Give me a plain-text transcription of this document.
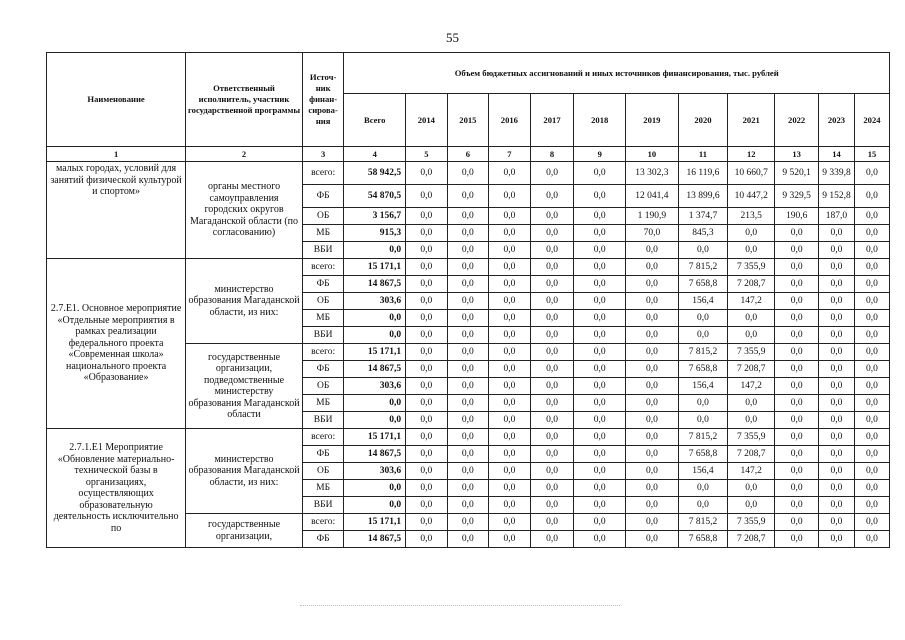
55
Наименование	Ответственный исполнитель, участник государственной программы	Источ-ник финан-сирова-ния	Объем бюджетных ассигнований и иных источников финансирования, тыс. рублей											
			Всего	2014	2015	2016	2017	2018	2019	2020	2021	2022	2023	2024
1	2	3	4	5	6	7	8	9	10	11	12	13	14	15
малых городах, условий для занятий физической культурой и спортом»	органы местного самоуправления городских округов Магаданской области (по согласованию)	всего:	58 942,5	0,0	0,0	0,0	0,0	0,0	13 302,3	16 119,6	10 660,7	9 520,1	9 339,8	0,0
		ФБ	54 870,5	0,0	0,0	0,0	0,0	0,0	12 041,4	13 899,6	10 447,2	9 329,5	9 152,8	0,0
		ОБ	3 156,7	0,0	0,0	0,0	0,0	0,0	1 190,9	1 374,7	213,5	190,6	187,0	0,0
		МБ	915,3	0,0	0,0	0,0	0,0	0,0	70,0	845,3	0,0	0,0	0,0	0,0
		ВБИ	0,0	0,0	0,0	0,0	0,0	0,0	0,0	0,0	0,0	0,0	0,0	0,0
2.7.Е1. Основное мероприятие «Отдельные мероприятия в рамках реализации федерального проекта «Современная школа» национального проекта «Образование»	министерство образования Магаданской области, из них:	всего:	15 171,1	0,0	0,0	0,0	0,0	0,0	0,0	7 815,2	7 355,9	0,0	0,0	0,0
		ФБ	14 867,5	0,0	0,0	0,0	0,0	0,0	0,0	7 658,8	7 208,7	0,0	0,0	0,0
		ОБ	303,6	0,0	0,0	0,0	0,0	0,0	0,0	156,4	147,2	0,0	0,0	0,0
		МБ	0,0	0,0	0,0	0,0	0,0	0,0	0,0	0,0	0,0	0,0	0,0	0,0
		ВБИ	0,0	0,0	0,0	0,0	0,0	0,0	0,0	0,0	0,0	0,0	0,0	0,0
	государственные организации, подведомственные министерству образования Магаданской области	всего:	15 171,1	0,0	0,0	0,0	0,0	0,0	0,0	7 815,2	7 355,9	0,0	0,0	0,0
		ФБ	14 867,5	0,0	0,0	0,0	0,0	0,0	0,0	7 658,8	7 208,7	0,0	0,0	0,0
		ОБ	303,6	0,0	0,0	0,0	0,0	0,0	0,0	156,4	147,2	0,0	0,0	0,0
		МБ	0,0	0,0	0,0	0,0	0,0	0,0	0,0	0,0	0,0	0,0	0,0	0,0
		ВБИ	0,0	0,0	0,0	0,0	0,0	0,0	0,0	0,0	0,0	0,0	0,0	0,0
2.7.1.Е1 Мероприятие «Обновление материально-технической базы в организациях, осуществляющих образовательную деятельность исключительно по	министерство образования Магаданской области, из них:	всего:	15 171,1	0,0	0,0	0,0	0,0	0,0	0,0	7 815,2	7 355,9	0,0	0,0	0,0
		ФБ	14 867,5	0,0	0,0	0,0	0,0	0,0	0,0	7 658,8	7 208,7	0,0	0,0	0,0
		ОБ	303,6	0,0	0,0	0,0	0,0	0,0	0,0	156,4	147,2	0,0	0,0	0,0
		МБ	0,0	0,0	0,0	0,0	0,0	0,0	0,0	0,0	0,0	0,0	0,0	0,0
		ВБИ	0,0	0,0	0,0	0,0	0,0	0,0	0,0	0,0	0,0	0,0	0,0	0,0
	государственные организации,	всего:	15 171,1	0,0	0,0	0,0	0,0	0,0	0,0	7 815,2	7 355,9	0,0	0,0	0,0
		ФБ	14 867,5	0,0	0,0	0,0	0,0	0,0	0,0	7 658,8	7 208,7	0,0	0,0	0,0
